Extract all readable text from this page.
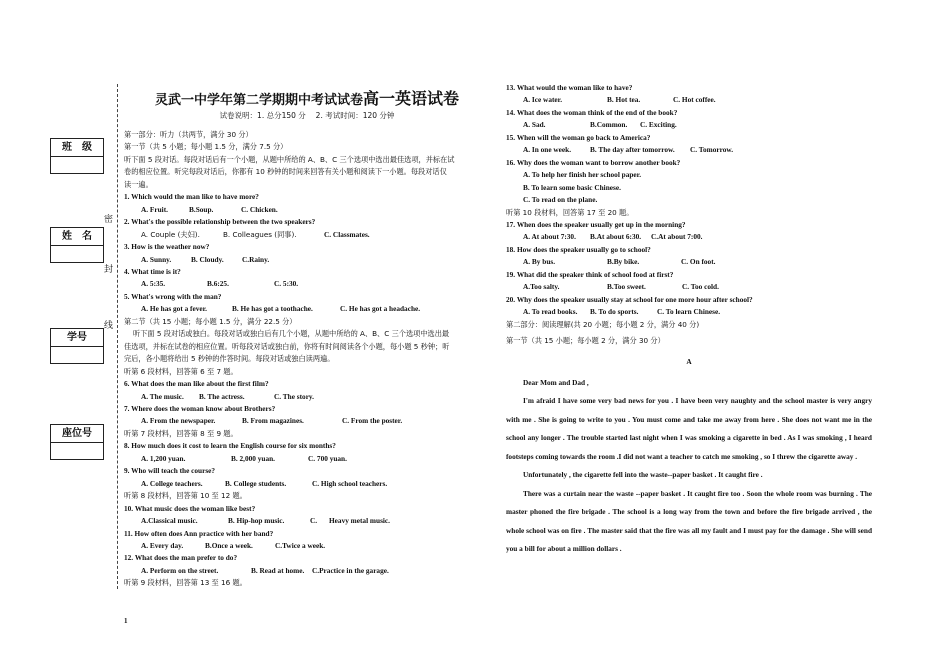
班　级
姓　名
学号
座位号
密
封
线
灵武一中学年第二学期期中考试试卷高一英语试卷
试卷说明：1. 总分150 分　 2. 考试时间：120 分钟
第一部分：听力（共两节，满分 30 分）
第一节（共 5 小题；每小题 1.5 分，满分 7.5 分）
听下面 5 段对话。每段对话后有一个小题，从题中所给的 A、B、C 三个选项中选出最佳选项，并标在试
卷的相应位置。听完每段对话后，你都有 10 秒钟的时间来回答有关小题和阅读下一小题。每段对话仅
读一遍。
1. Which would the man like to have more?
A. Fruit.	B.Soup.	C. Chicken.
2. What's the possible relationship between the two speakers?
A. Couple (夫妇).	B. Colleagues (同事).	C. Classmates.
3. How is the weather now?
A. Sunny.	B. Cloudy.	C.Rainy.
4. What time is it?
A. 5:35.	B.6:25.	C. 5:30.
5. What's wrong with the man?
A. He has got a fever.	B. He has got a toothache.	C. He has got a headache.
第二节（共 15 小题；每小题 1.5 分，满分 22.5 分）
听下面 5 段对话或独白。每段对话或独白后有几个小题，从题中所给的 A、B、C 三个选项中选出最
佳选项，并标在试卷的相应位置。听每段对话或独白前，你将有时间阅读各个小题，每小题 5 秒钟；听
完后，各小题将给出 5 秒钟的作答时间。每段对话或独白读两遍。
听第 6 段材料，回答第 6 至 7 题。
6. What does the man like about the first film?
A. The music. B. The actress.	C. The story.
7. Where does the woman know about Brothers?
A. From the newspaper.	B. From magazines.	C. From the poster.
听第 7 段材料，回答第 8 至 9 题。
8. How much does it cost to learn the English course for six months?
A. 1,200 yuan.	B. 2,000 yuan.	C. 700 yuan.
9. Who will teach the course?
A. College teachers.	B. College students.	C. High school teachers.
听第 8 段材料，回答第 10 至 12 题。
10. What music does the woman like best?
A.Classical music.	B. Hip-hop music.	C. Heavy metal music.
11. How often does Ann practice with her band?
A. Every day.	B.Once a week.	C.Twice a week.
12. What does the man prefer to do?
A. Perform on the street.	B. Read at home. C.Practice in the garage.
听第 9 段材料，回答第 13 至 16 题。
13. What would the woman like to have?
A. Ice water.	B. Hot tea.	C. Hot coffee.
14. What does the woman think of the end of the book?
A. Sad.	B.Common. C. Exciting.
15. When will the woman go back to America?
A. In one week.	B. The day after tomorrow. C. Tomorrow.
16. Why does the woman want to borrow another book?
A. To help her finish her school paper.
B. To learn some basic Chinese.
C. To read on the plane.
听第 10 段材料，回答第 17 至 20 题。
17. When does the speaker usually get up in the morning?
A. At about 7:30. B.At about 6:30. C.At about 7:00.
18. How does the speaker usually go to school?
A. By bus.	B.By bike.	C. On foot.
19. What did the speaker think of school food at first?
A.Too salty.	B.Too sweet.	C. Too cold.
20. Why does the speaker usually stay at school for one more hour after school?
A. To read books. B. To do sports.	C. To learn Chinese.
第二部分：阅读理解(共 20 小题；每小题 2 分，满分 40 分)
第一节（共 15 小题；每小题 2 分，满分 30 分）
A
Dear Mom and Dad ,
I'm afraid I have some very bad news for you . I have been very naughty and the school master is very angry with me . She is going to write to you . You must come and take me away from here . She does not want me in the school any longer . The trouble started last night when I was smoking a cigarette in bed . As I was smoking , I heard footsteps coming towards the room .I did not want a teacher to catch me smoking , so I threw the cigarette away .
Unfortunately , the cigarette fell into the waste--paper basket . It caught fire .
There was a curtain near the waste --paper basket . It caught fire too . Soon the whole room was burning . The master phoned the fire brigade . The school is a long way from the town and before the fire brigade arrived , the whole school was on fire . The master said that the fire was all my fault and I must pay for the damage . She will send you a bill for about a million dollars .
1
